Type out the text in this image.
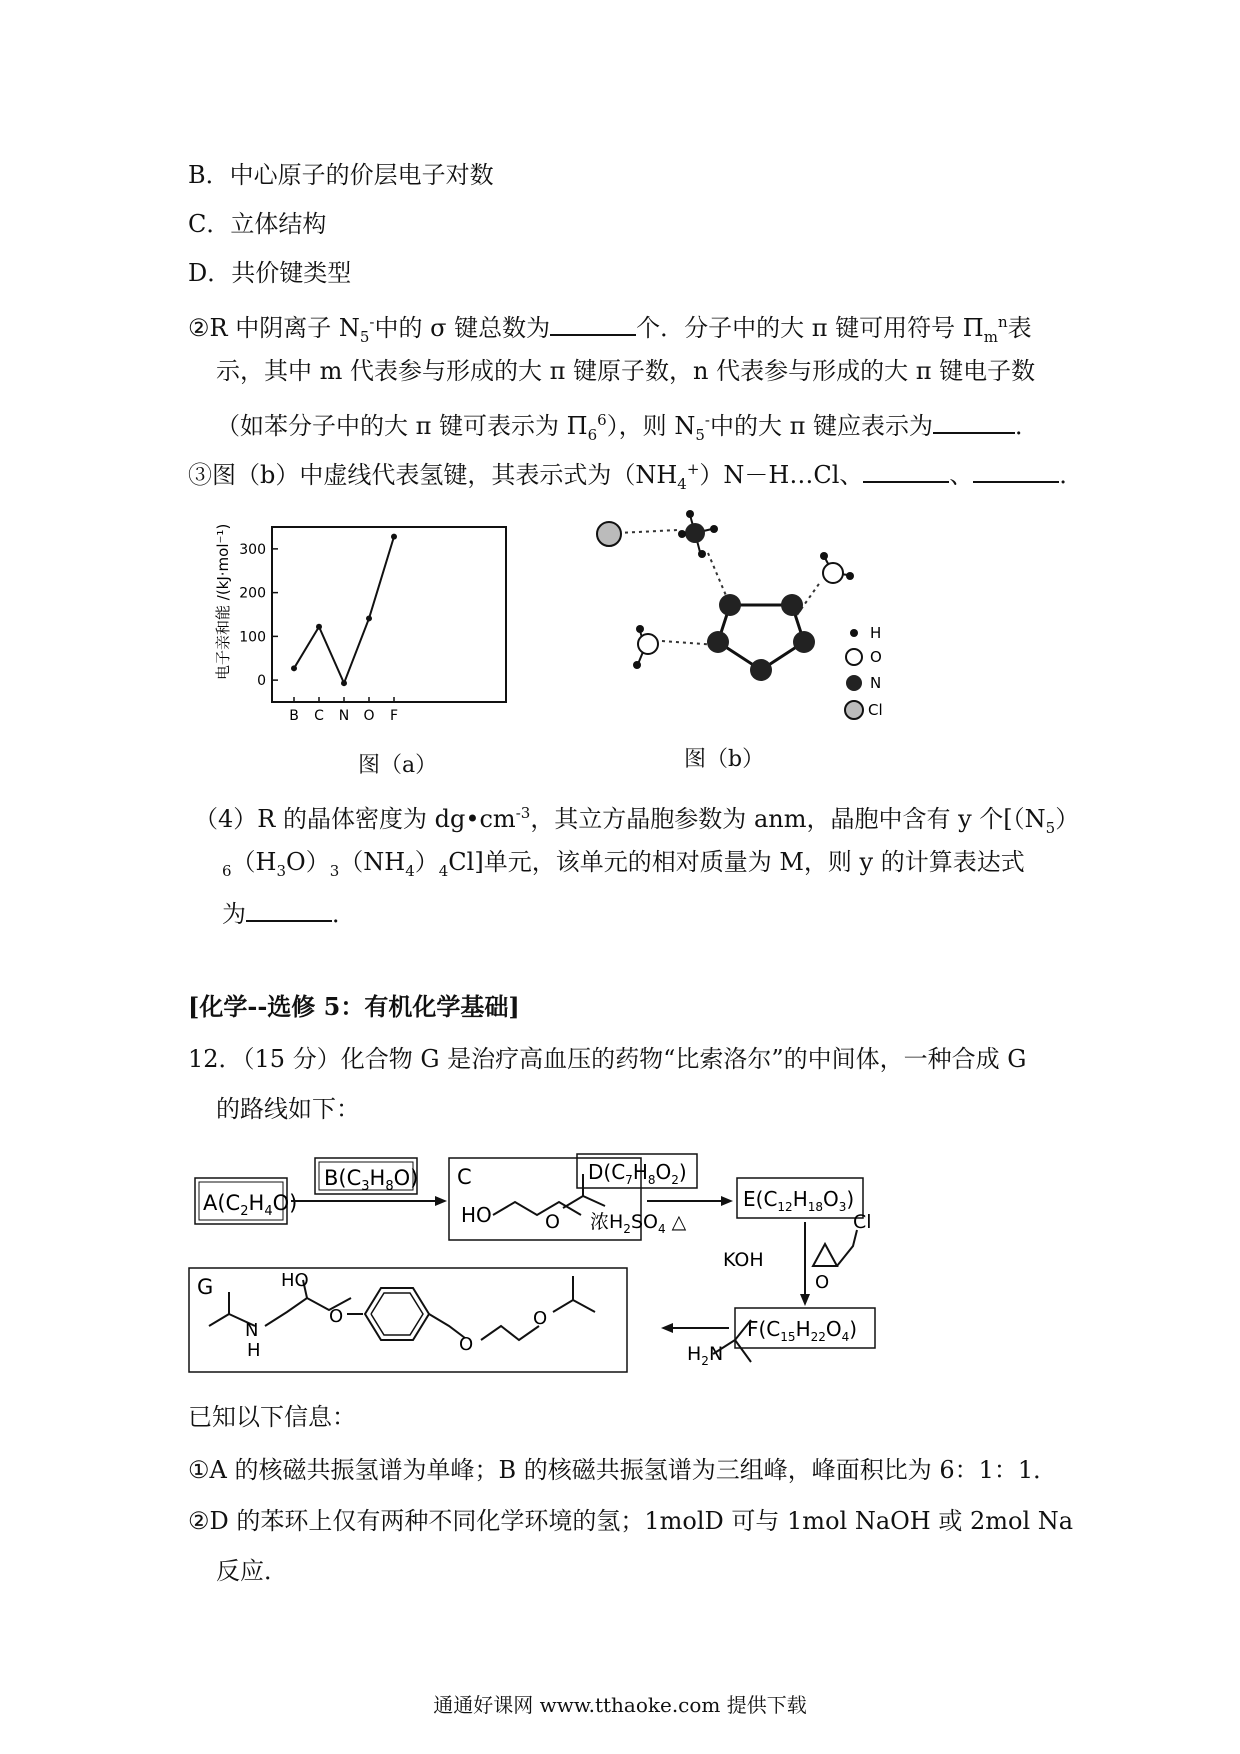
B．中心原子的价层电子对数
C．立体结构
D．共价键类型
②R 中阴离子 $N_5^-$中的 σ 键总数为	个．分子中的大 π 键可用符号 $\Pi_m^n$表
示，其中 m 代表参与形成的大 π 键原子数，n 代表参与形成的大 π 键电子数
（如苯分子中的大 π 键可表示为 $\Pi_6^6$），则 $N_5^-$中的大 π 键应表示为	．
③图（b）中虚线代表氢键，其表示式为$(NH_4^+)N-H\dots Cl$、	、	．
电子亲和能 /(kJ·mol⁻¹) 300
200
100
0
B C N O F
图（a）
H
O
N
Cl
图（b）
（4）R 的晶体密度为 $dg•cm^{-3}$，其立方晶胞参数为 anm，晶胞中含有 y 个[$(N_5)$
$_6(H_3O)_3(NH_4)_4Cl$]单元，该单元的相对质量为 M，则 y 的计算表达式
为	．
[化学--选修 5：有机化学基础]
12．（15 分）化合物 G 是治疗高血压的药物“比索洛尔”的中间体，一种合成 G
的路线如下：
$A(C_2H_4O)$
$B(C_3H_8O)$ C
HO	O
$D(C_7H_8O_2)$
浓$H_2SO_4$ △
$E(C_{12}H_{18}O_3)$
KOH
Cl
O
$F(C_{15}H_{22}O_4)$
$H_2N$
G
N
H
HO
O
O
O
已知以下信息：
①A 的核磁共振氢谱为单峰；B 的核磁共振氢谱为三组峰，峰面积比为 6：1：1．
②D 的苯环上仅有两种不同化学环境的氢；1molD 可与 1mol NaOH 或 2mol Na
反应．
通通好课网 www.tthaoke.com 提供下载
